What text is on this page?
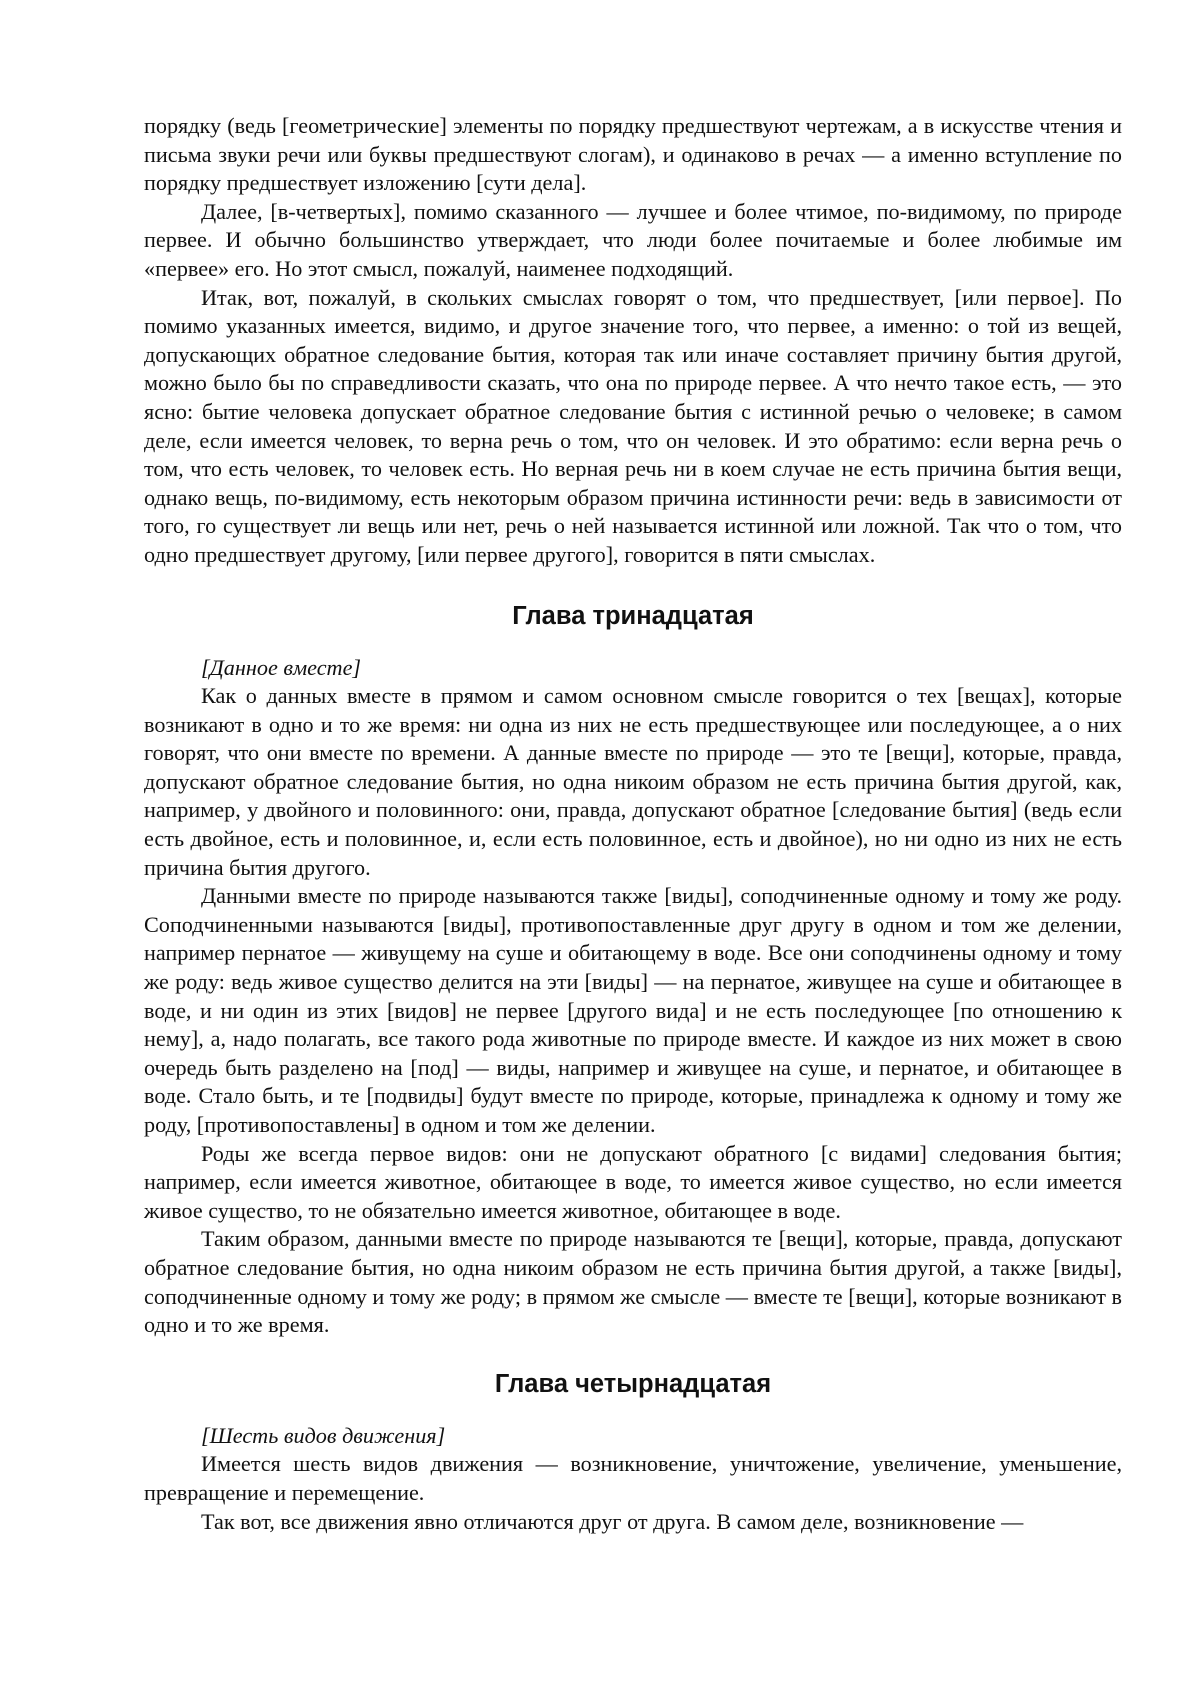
порядку (ведь [геометрические] элементы по порядку предшествуют чертежам, а в искусстве чтения и письма звуки речи или буквы предшествуют слогам), и одинаково в речах — а именно вступление по порядку предшествует изложению [сути дела].

Далее, [в-четвертых], помимо сказанного — лучшее и более чтимое, по-видимому, по природе первее. И обычно большинство утверждает, что люди более почитаемые и более любимые им «первее» его. Но этот смысл, пожалуй, наименее подходящий.

Итак, вот, пожалуй, в скольких смыслах говорят о том, что предшествует, [или первое]. По помимо указанных имеется, видимо, и другое значение того, что первее, а именно: о той из вещей, допускающих обратное следование бытия, которая так или иначе составляет причину бытия другой, можно было бы по справедливости сказать, что она по природе первее. А что нечто такое есть, — это ясно: бытие человека допускает обратное следование бытия с истинной речью о человеке; в самом деле, если имеется человек, то верна речь о том, что он человек. И это обратимо: если верна речь о том, что есть человек, то человек есть. Но верная речь ни в коем случае не есть причина бытия вещи, однако вещь, по-видимому, есть некоторым образом причина истинности речи: ведь в зависимости от того, го существует ли вещь или нет, речь о ней называется истинной или ложной. Так что о том, что одно предшествует другому, [или первее другого], говорится в пяти смыслах.

Глава тринадцатая

[Данное вместе]

Как о данных вместе в прямом и самом основном смысле говорится о тех [вещах], которые возникают в одно и то же время: ни одна из них не есть предшествующее или последующее, а о них говорят, что они вместе по времени. А данные вместе по природе — это те [вещи], которые, правда, допускают обратное следование бытия, но одна никоим образом не есть причина бытия другой, как, например, у двойного и половинного: они, правда, допускают обратное [следование бытия] (ведь если есть двойное, есть и половинное, и, если есть половинное, есть и двойное), но ни одно из них не есть причина бытия другого.

Данными вместе по природе называются также [виды], соподчиненные одному и тому же роду. Соподчиненными называются [виды], противопоставленные друг другу в одном и том же делении, например пернатое — живущему на суше и обитающему в воде. Все они соподчинены одному и тому же роду: ведь живое существо делится на эти [виды] — на пернатое, живущее на суше и обитающее в воде, и ни один из этих [видов] не первее [другого вида] и не есть последующее [по отношению к нему], а, надо полагать, все такого рода животные по природе вместе. И каждое из них может в свою очередь быть разделено на [под] — виды, например и живущее на суше, и пернатое, и обитающее в воде. Стало быть, и те [подвиды] будут вместе по природе, которые, принадлежа к одному и тому же роду, [противопоставлены] в одном и том же делении.

Роды же всегда первое видов: они не допускают обратного [с видами] следования бытия; например, если имеется животное, обитающее в воде, то имеется живое существо, но если имеется живое существо, то не обязательно имеется животное, обитающее в воде.

Таким образом, данными вместе по природе называются те [вещи], которые, правда, допускают обратное следование бытия, но одна никоим образом не есть причина бытия другой, а также [виды], соподчиненные одному и тому же роду; в прямом же смысле — вместе те [вещи], которые возникают в одно и то же время.

Глава четырнадцатая

[Шесть видов движения]

Имеется шесть видов движения — возникновение, уничтожение, увеличение, уменьшение, превращение и перемещение.

Так вот, все движения явно отличаются друг от друга. В самом деле, возникновение —
